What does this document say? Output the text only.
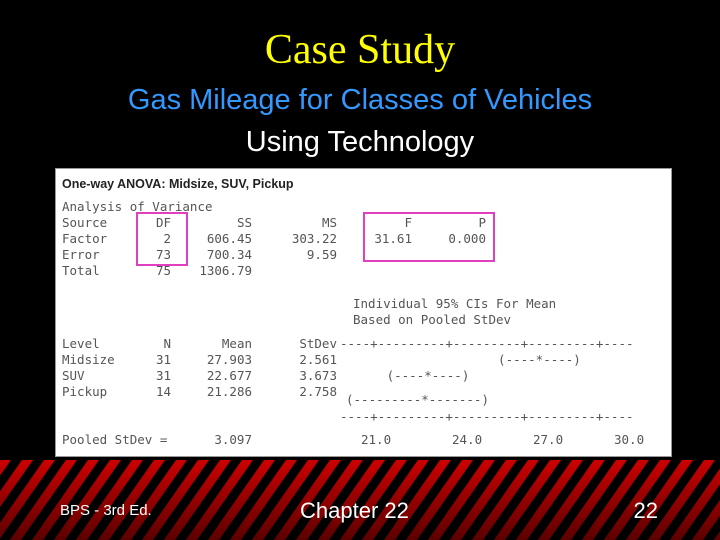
Case Study
Gas Mileage for Classes of Vehicles
Using Technology
One-way ANOVA: Midsize, SUV, Pickup
Analysis of Variance
Source	DF	SS	MS	F	P
Factor	2	606.45	303.22	31.61	0.000
Error	73	700.34	9.59
Total	75	1306.79
Individual 95% CIs For Mean
Based on Pooled StDev
Level	N	Mean	StDev ----+---------+---------+---------+----
Midsize	31	27.903	2.561 (----*----)
SUV	31	22.677	3.673 (----*----)
Pickup	14	21.286	2.758
(---------*-------)
----+---------+---------+---------+----
Pooled StDev =	3.097	21.0	24.0	27.0	30.0
BPS - 3rd Ed.	Chapter 22	22
